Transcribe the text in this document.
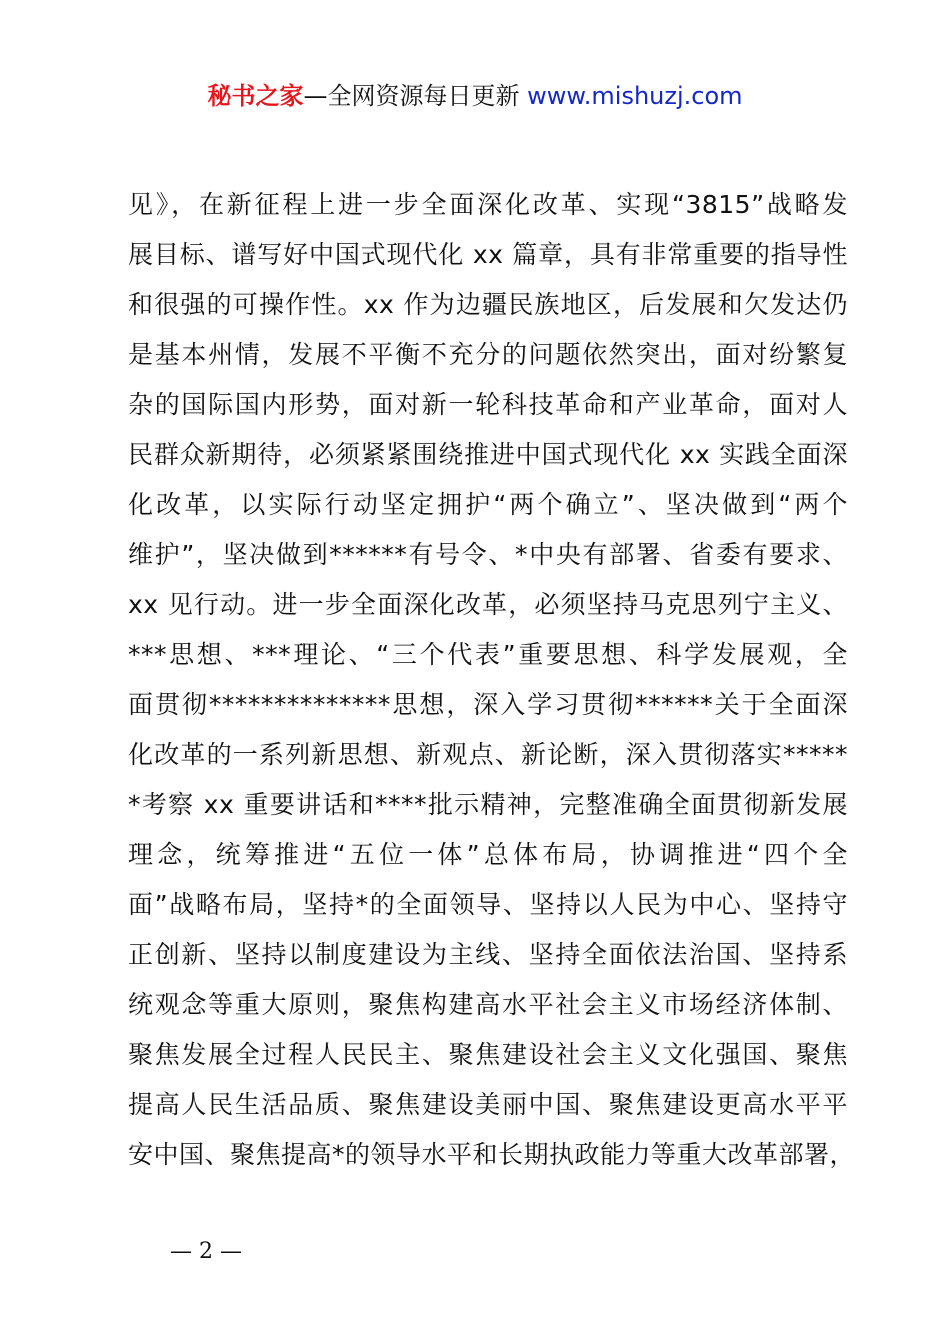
秘书之家—全网资源每日更新 www.mishuzj.com
见》，在新征程上进一步全面深化改革、实现“3815”战略发
展目标、谱写好中国式现代化 xx 篇章，具有非常重要的指导性
和很强的可操作性。xx 作为边疆民族地区，后发展和欠发达仍
是基本州情，发展不平衡不充分的问题依然突出，面对纷繁复
杂的国际国内形势，面对新一轮科技革命和产业革命，面对人
民群众新期待，必须紧紧围绕推进中国式现代化 xx 实践全面深
化改革，以实际行动坚定拥护“两个确立”、坚决做到“两个
维护”，坚决做到******有号令、*中央有部署、省委有要求、
xx 见行动。进一步全面深化改革，必须坚持马克思列宁主义、
***思想、***理论、“三个代表”重要思想、科学发展观，全
面贯彻**************思想，深入学习贯彻******关于全面深
化改革的一系列新思想、新观点、新论断，深入贯彻落实*****
*考察 xx 重要讲话和****批示精神，完整准确全面贯彻新发展
理念，统筹推进“五位一体”总体布局，协调推进“四个全
面”战略布局，坚持*的全面领导、坚持以人民为中心、坚持守
正创新、坚持以制度建设为主线、坚持全面依法治国、坚持系
统观念等重大原则，聚焦构建高水平社会主义市场经济体制、
聚焦发展全过程人民民主、聚焦建设社会主义文化强国、聚焦
提高人民生活品质、聚焦建设美丽中国、聚焦建设更高水平平
安中国、聚焦提高*的领导水平和长期执政能力等重大改革部署，
— 2 —
